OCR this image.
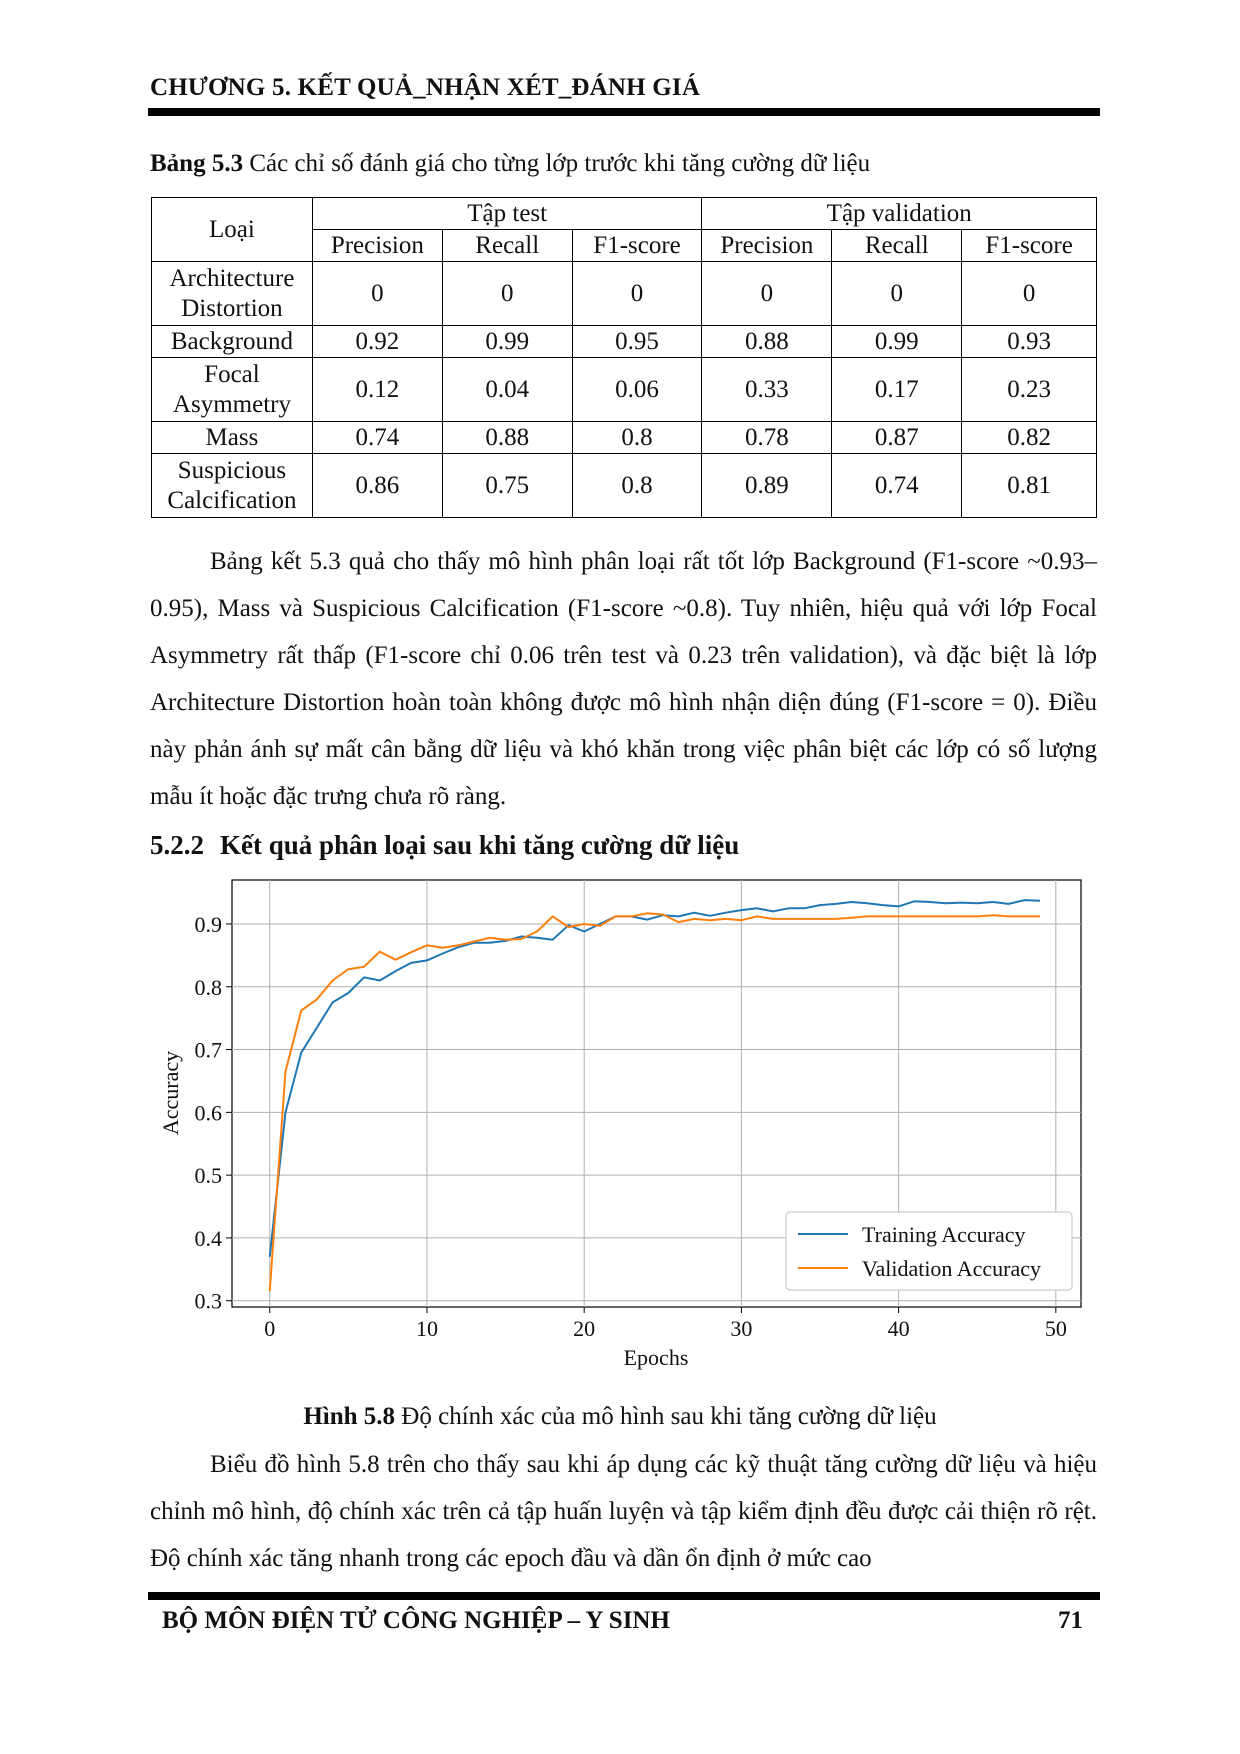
CHƯƠNG 5. KẾT QUẢ_NHẬN XÉT_ĐÁNH GIÁ
Bảng 5.3 Các chỉ số đánh giá cho từng lớp trước khi tăng cường dữ liệu
Loại	Tập test			Tập validation		
	Precision	Recall	F1-score	Precision	Recall	F1-score
Architecture
Distortion	0	0	0	0	0	0
Background	0.92	0.99	0.95	0.88	0.99	0.93
Focal
Asymmetry	0.12	0.04	0.06	0.33	0.17	0.23
Mass	0.74	0.88	0.8	0.78	0.87	0.82
Suspicious
Calcification	0.86	0.75	0.8	0.89	0.74	0.81

Bảng kết 5.3 quả cho thấy mô hình phân loại rất tốt lớp Background (F1-score ~0.93–0.95), Mass và Suspicious Calcification (F1-score ~0.8). Tuy nhiên, hiệu quả với lớp Focal Asymmetry rất thấp (F1-score chỉ 0.06 trên test và 0.23 trên validation), và đặc biệt là lớp Architecture Distortion hoàn toàn không được mô hình nhận diện đúng (F1-score = 0). Điều này phản ánh sự mất cân bằng dữ liệu và khó khăn trong việc phân biệt các lớp có số lượng mẫu ít hoặc đặc trưng chưa rõ ràng.

5.2.2 Kết quả phân loại sau khi tăng cường dữ liệu
0	10	20	30	40	50
0.3
0.4
0.5
0.6
0.7
0.8
0.9
Epochs
Accuracy
Training Accuracy
Validation Accuracy
Hình 5.8 Độ chính xác của mô hình sau khi tăng cường dữ liệu

Biểu đồ hình 5.8 trên cho thấy sau khi áp dụng các kỹ thuật tăng cường dữ liệu và hiệu chỉnh mô hình, độ chính xác trên cả tập huấn luyện và tập kiểm định đều được cải thiện rõ rệt. Độ chính xác tăng nhanh trong các epoch đầu và dần ổn định ở mức cao

BỘ MÔN ĐIỆN TỬ CÔNG NGHIỆP – Y SINH	71
